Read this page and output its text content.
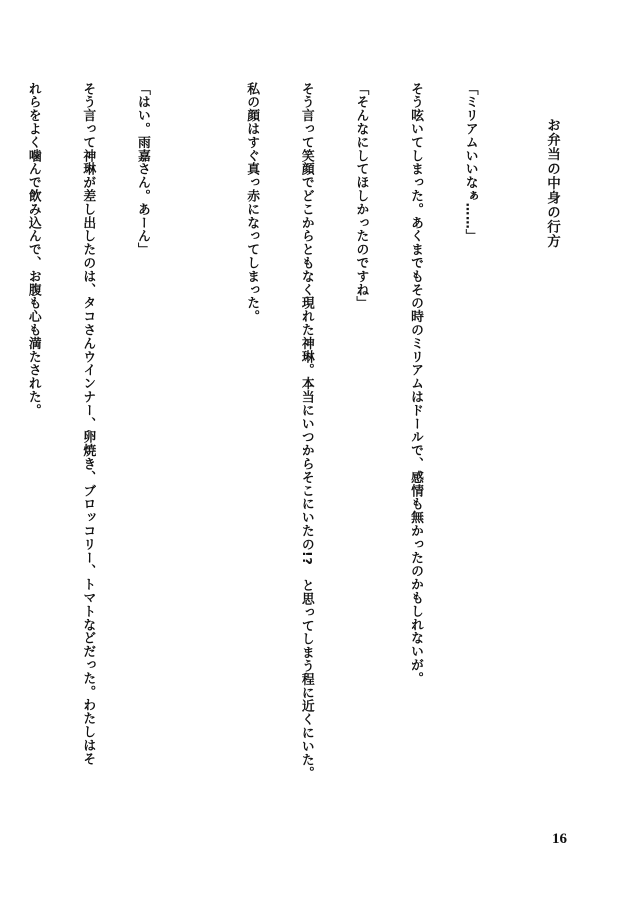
お弁当の中身の行方

「ミリアムいいなぁ……」

そう呟いてしまった。あくまでもその時のミリアムはドールで、感情も無かったのかもしれないが。

「そんなにしてほしかったのですね」

そう言って笑顔でどこからともなく現れた神琳。本当にいつからそこにいたの!?　と思ってしまう程に近くにいた。

私の顔はすぐ真っ赤になってしまった。

「はい。雨嘉さん。あーん」

そう言って神琳が差し出したのは、タコさんウインナー、卵焼き、ブロッコリー、トマトなどだった。わたしはそ

れらをよく噛んで飲み込んで、お腹も心も満たされた。

16
